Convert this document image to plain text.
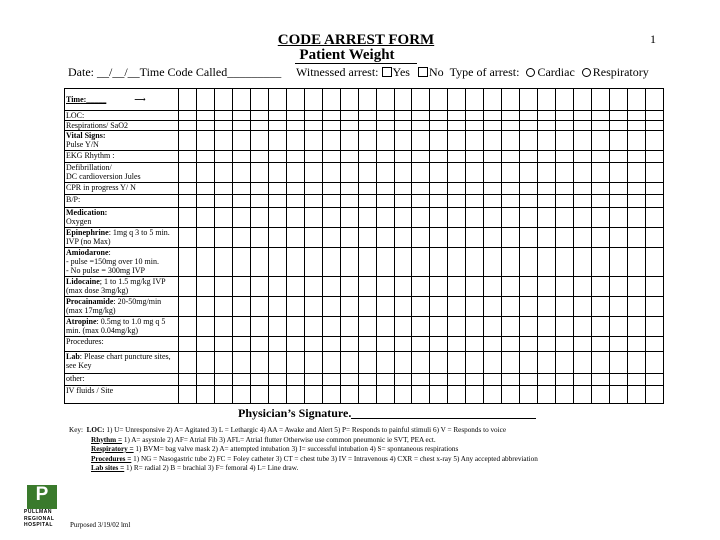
1
CODE ARREST FORM
Patient Weight
Date: __/__/__Time Code Called_________ Witnessed arrest: Yes No Type of arrest: Cardiac Respiratory
Time:_____ ⟶																											
LOC:																											
Respirations/ SaO2																											
Vital Signs:
Pulse Y/N																											
EKG Rhythm :																											
Defibrillation/
DC cardioversion Jules																											
CPR in progress Y/ N																											
B/P:																											
Medication:
Oxygen																											
Epinephrine: 1mg q 3 to 5 min. IVP (no Max)																											
Amiodarone:
- pulse =150mg over 10 min.
- No pulse = 300mg IVP																											
Lidocaine; 1 to 1.5 mg/kg IVP (max dose 3mg/kg)																											
Procainamide: 20-50mg/min (max 17mg/kg)																											
Atropine: 0.5mg to 1.0 mg q 5 min. (max 0.04mg/kg)																											
Procedures:																											
Lab: Please chart puncture sites, see Key																											
other:																											
IV fluids / Site																											
Physician’s Signature.
Key: LOC: 1) U= Unresponsive 2) A= Agitated 3) L = Lethargic 4) AA = Awake and Alert 5) P= Responds to painful stimuli 6) V = Responds to voice
Rhythm = 1) A= asystole 2) AF= Atrial Fib 3) AFL= Atrial flutter Otherwise use common pneumonic ie SVT, PEA ect.
Respiratory = 1) BVM= bag valve mask 2) A= attempted intubation 3) I= successful intubation 4) S= spontaneous respirations
Procedures = 1) NG = Nasogastric tube 2) FC = Foley catheter 3) CT = chest tube 3) IV = Intravenous 4) CXR = chest x-ray 5) Any accepted abbreviation
Lab sites = 1) R= radial 2) B = brachial 3) F= femoral 4) L= Line draw.
P
PULLMAN
REGIONAL
HOSPITAL Purposed 3/19/02 lml
